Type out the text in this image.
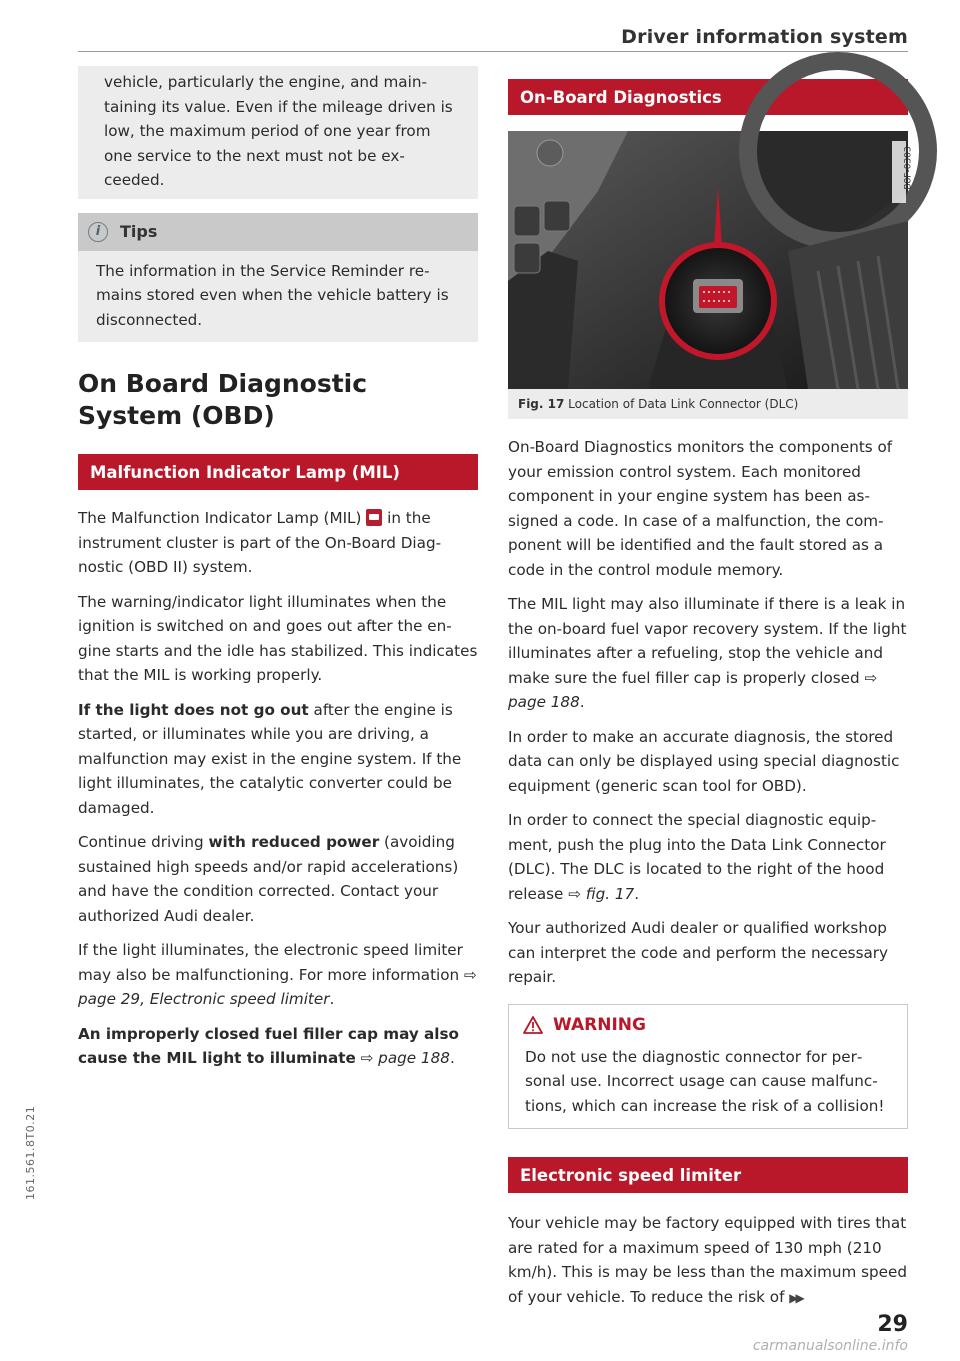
Driver information system

vehicle, particularly the engine, and maintaining its value. Even if the mileage driven is low, the maximum period of one year from one service to the next must not be exceeded.

i	Tips

The information in the Service Reminder remains stored even when the vehicle battery is disconnected.

On Board Diagnostic System (OBD)
Malfunction Indicator Lamp (MIL)

The Malfunction Indicator Lamp (MIL)  in the instrument cluster is part of the On-Board Diagnostic (OBD II) system.

The warning/indicator light illuminates when the ignition is switched on and goes out after the engine starts and the idle has stabilized. This indicates that the MIL is working properly.

If the light does not go out after the engine is started, or illuminates while you are driving, a malfunction may exist in the engine system. If the light illuminates, the catalytic converter could be damaged.

Continue driving with reduced power (avoiding sustained high speeds and/or rapid accelerations) and have the condition corrected. Contact your authorized Audi dealer.

If the light illuminates, the electronic speed limiter may also be malfunctioning. For more information ⇨ page 29, Electronic speed limiter.

An improperly closed fuel filler cap may also cause the MIL light to illuminate ⇨ page 188.

On-Board Diagnostics
B8F-0303
Fig. 17 Location of Data Link Connector (DLC)

On-Board Diagnostics monitors the components of your emission control system. Each monitored component in your engine system has been assigned a code. In case of a malfunction, the component will be identified and the fault stored as a code in the control module memory.

The MIL light may also illuminate if there is a leak in the on-board fuel vapor recovery system. If the light illuminates after a refueling, stop the vehicle and make sure the fuel filler cap is properly closed ⇨ page 188.

In order to make an accurate diagnosis, the stored data can only be displayed using special diagnostic equipment (generic scan tool for OBD).

In order to connect the special diagnostic equipment, push the plug into the Data Link Connector (DLC). The DLC is located to the right of the hood release ⇨ fig. 17.

Your authorized Audi dealer or qualified workshop can interpret the code and perform the necessary repair.

WARNING

Do not use the diagnostic connector for personal use. Incorrect usage can cause malfunctions, which can increase the risk of a collision!

Electronic speed limiter

Your vehicle may be factory equipped with tires that are rated for a maximum speed of 130 mph (210 km/h). This is may be less than the maximum speed of your vehicle. To reduce the risk of ▶▶

161.561.8T0.21
29
carmanualsonline.info
